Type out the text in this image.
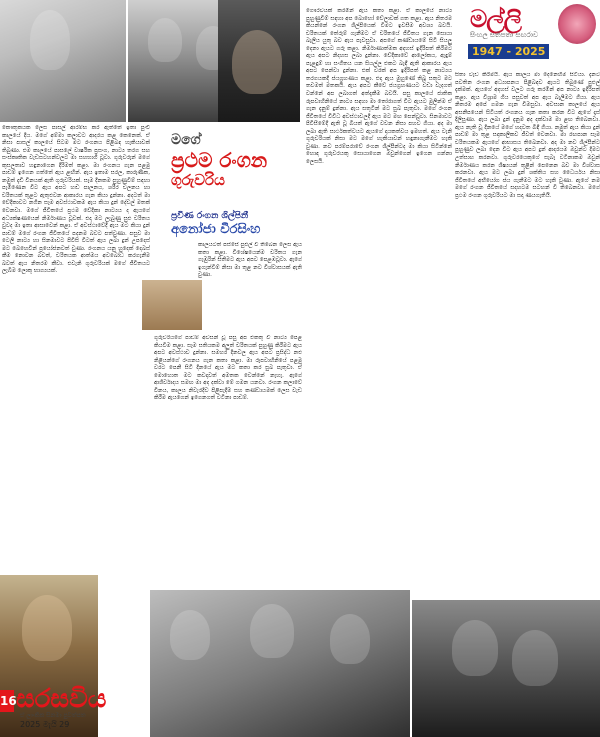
මල්ලි
සිංහල සතිපතා සඟරාව
1947 - 2025
මගේ
ප්‍රථම රංගන
ගුරුවරිය
ප්‍රවීණ රංගන ශිල්පිනී
අනෝජා වීරසිංහ
කෞතුකයක ලෙස පාසල් ආරම්භ කර ඇත්තේ ඉතා පුංචි කාලයේ දීය. මගේ අම්මා කලාවට ආදරය කළ කෙනෙක්. ඒ නිසා පාසල් කාලයේ සිටම මට රංගනය පිළිබඳ හැකියාවක් තිබුණා. එම කාලයේ පාසලේ වාර්ෂික ප්‍රසංග, නාට්‍ය තරග සහ සංස්කෘතික වැඩසටහන්වලට මා සහභාගී වූවා. ගුරුවරුන් මගේ කුසලතාව හඳුනාගෙන දිරිමත් කළා. මා රංගනය ගැන පළමු පාඩම් ඉගෙන ගත්තේ ඇය ළඟින්. ඇය ඉතාම සරල, කාරුණික, නමුත් දැඩි විනයක් ඇති ගුරුවරියක්. සෑම දිනකම පුහුණුවීම් සඳහා පැමිණෙන විට ඇය අපට හඬ පාලනය, ශරීර චලනය හා චරිතයක් තුළට ඇතුළුවන ආකාරය ගැන කියා දුන්නා. අදටත් මා වේදිකාවට නගින සෑම අවස්ථාවකම ඇය කියා දුන් දේවල් මතක් වෙනවා. මගේ ජීවිතයේ ප්‍රථම වේදිකා නාට්‍යය ද ඇයගේ අධ්‍යක්ෂණයෙන් නිර්මාණය වූවක්. එදා මට ලැබුණු සුළු චරිතය වුවද මා ඉතා ආසාවෙන් කළා. ඒ අවස්ථාවේදී ඇය මට කියා දුන් පාඩම් මගේ රංගන ජීවිතයේ පදනම බවට පත්වුණා. පසුව මා ටෙලි නාට්‍ය හා සිනමාවට පිවිසි විටත් ඇය ලබා දුන් උපදෙස් මට බෙහෙවින් ප්‍රයෝජනවත් වුණා. රංගනය යනු හුදෙක් දෙබස් කීම නොවන බවත්, චරිතයක ආත්මය අවබෝධ කරගැනීම බවත් ඇය නිතරම කීවා. එවැනි ගුරුවරියක් මගේ ජීවිතයට ලැබීම ලොකු භාග්‍යයක්.
කාලයටත් පස්සේ පුළුල් වී තිබෙන ලෙස ඇය කතා කළා. විශේෂයෙන්ම චරිතය ගැන ගැඹුරින් සිතීමට ඇය අපව පෙළඹවූවා. ඇගේ ඉගැන්වීම් නිසා මා තුළ නව විශ්වාසයක් ඇති වුණා.
ගුරුවරියගේ පාඩම් අවසන් වූ පසු අප එකතු වී නාට්‍ය පෙළ කියවීම කළා. සෑම සතියකම අලුත් චරිතයක් පුහුණු කිරීමට ඇය අපට අවස්ථාව දුන්නා. සමහර දිනවල ඇය අපට ප්‍රසිද්ධ නළු නිළියන්ගේ රංගනය ගැන කතා කළා. මා රූපවාහිනියේ පළමු වරට පෙනී සිටි දිනයේ ඇය මට කතා කර සුබ පැතුවා. ඒ මොහොත මට කවදාවත් අමතක වෙන්නේ නැහැ. ඇගේ ආශීර්වාදය සමඟ මා අද දක්වා මේ ගමන යනවා. රංගන කලාවේ විනය, කාලය නිවැරදිව පිළිපැදීම සහ කණ්ඩායමක් ලෙස වැඩ කිරීම ඇයගෙන් ඉගෙනගත් වටිනා පාඩම්.
ගෞරවයක් කරමින් ඇය කතා කළා. ඒ කාලයේ නාට්‍ය පුහුණුවීම් සඳහා අප බොහෝ වේලාවක් ගත කළා. ඇය නිතරම කියන්නේ රංගන ශිල්පියෙක් වීමට ඉවසීම අවශ්‍ය බවයි. චරිතයක් තේරුම් ගැනීමට ඒ චරිතයේ ජීවිතය ගැන සොයා බැලිය යුතු බව ඇය පැවසුවා. අපගේ කණ්ඩායමේ සිටි සියලු දෙනා ඇයට ගරු කළා. නිර්මාණාත්මක අදහස් ඉදිරිපත් කිරීමට ඇය අපට නිදහස ලබා දුන්නා. වේදිකාවේ ආලෝකය, ඇඳුම් පැළඳුම් හා සංගීතය යන සියල්ල එකට බැඳී ඇති ආකාරය ඇය අපට පෙන්වා දුන්නා. එක් වරක් අප ඉදිරිපත් කළ නාට්‍යය තරගයකදී ජයග්‍රහණය කළා. එදා ඇය මුහුණේ තිබූ සතුට මට තවමත් මතකයි. ඇය අපට කීවේ ජයග්‍රහණයට වඩා වැදගත් වන්නේ අප ලබාගත් අත්දැකීම බවයි. පසු කාලයේ ජාතික රූපවාහිනියේ නාට්‍ය සඳහා මා තෝරාගත් විට ඇයට මුලින්ම ඒ ගැන දැනුම් දුන්නා. ඇය සතුටින් මට සුබ පැතුවා. මගේ රංගන ජීවිතයේ විවිධ අවස්ථාවලදී ඇය මට මඟ පෙන්වූවා. සිනමාවට පිවිසීමේදී ඇති වූ බියත් ඇගේ වචන නිසා පහව ගියා. අද මා ලබා ඇති සාර්ථකත්වයට ඇයගේ දායකත්වය ඉමහත්. ඇය වැනි ගුරුවරියක් නිසා මට මගේ හැකියාවන් හඳුනාගැනීමට හැකි වුණා. නව පරම්පරාවේ රංගන ශිල්පීන්ටද මා කියා සිටින්නේ හොඳ ගුරුවරයකු සොයාගෙන ඔවුන්ගෙන් ඉගෙන ගන්නා ලෙසයි.
සිතා වැඩ කිරීමයි. ඇය කාලය මා දෙනෙහිම සිටියා. දැනට පවතින රංගන අධ්‍යාපනය පිළිබඳව ඇයට තිබුණේ පුළුල් දැක්මක්. ඇයගේ අදහස් වලට ගරු කරමින් අප නාට්‍ය ඉදිරිපත් කළා. ඇය විශ්‍රාම ගිය පසුවත් අප ඇය බැලීමට ගියා. ඇය නිතරම අපේ ගමන ගැන විමසුවා. අවසාන කාලයේ ඇය අසනීපයෙන් සිටියත් රංගනය ගැන කතා කරන විට ඇගේ දෑස් දිලිසුණා. ඇය ලබා දුන් දැනුම අද දක්වාම මා ළඟ තිබෙනවා. ඇය නැති වූ දිනයේ මගේ හදවත බිඳී ගියා. නමුත් ඇය කියා දුන් පාඩම් මා තුළ සදාකාලිකව ජීවත් වෙනවා. මා රඟපාන සෑම චරිතයකම ඇයගේ ආභාසය තිබෙනවා. අද මා නව ශිල්පීන්ට පුහුණුව ලබා දෙන විට ඇය අපට දුන් ආදරයම ඔවුන්ට දීමට උත්සාහ කරනවා. ගුරුවරයෙකුගේ සැබෑ වටිනාකම ඔවුන් නිර්මාණය කරන ශිෂ්‍යයන් තුළින් පෙනෙන බව මා විශ්වාස කරනවා. ඇය මට ලබා දුන් ශක්තිය සහ ධෛර්යය නිසා ජීවිතයේ අභියෝග ජය ගැනීමට මට හැකි වුණා. ඇගේ නම මගේ රංගන ජීවිතයේ සදහටම සටහන් වී තිබෙනවා. මගේ ප්‍රථම රංගන ගුරුවරියට මා සදා ණයගැතියි.
16 සරසවිය
ඒ ලාංකික සිනමා පුවත්පත
2025 මැයි 29
